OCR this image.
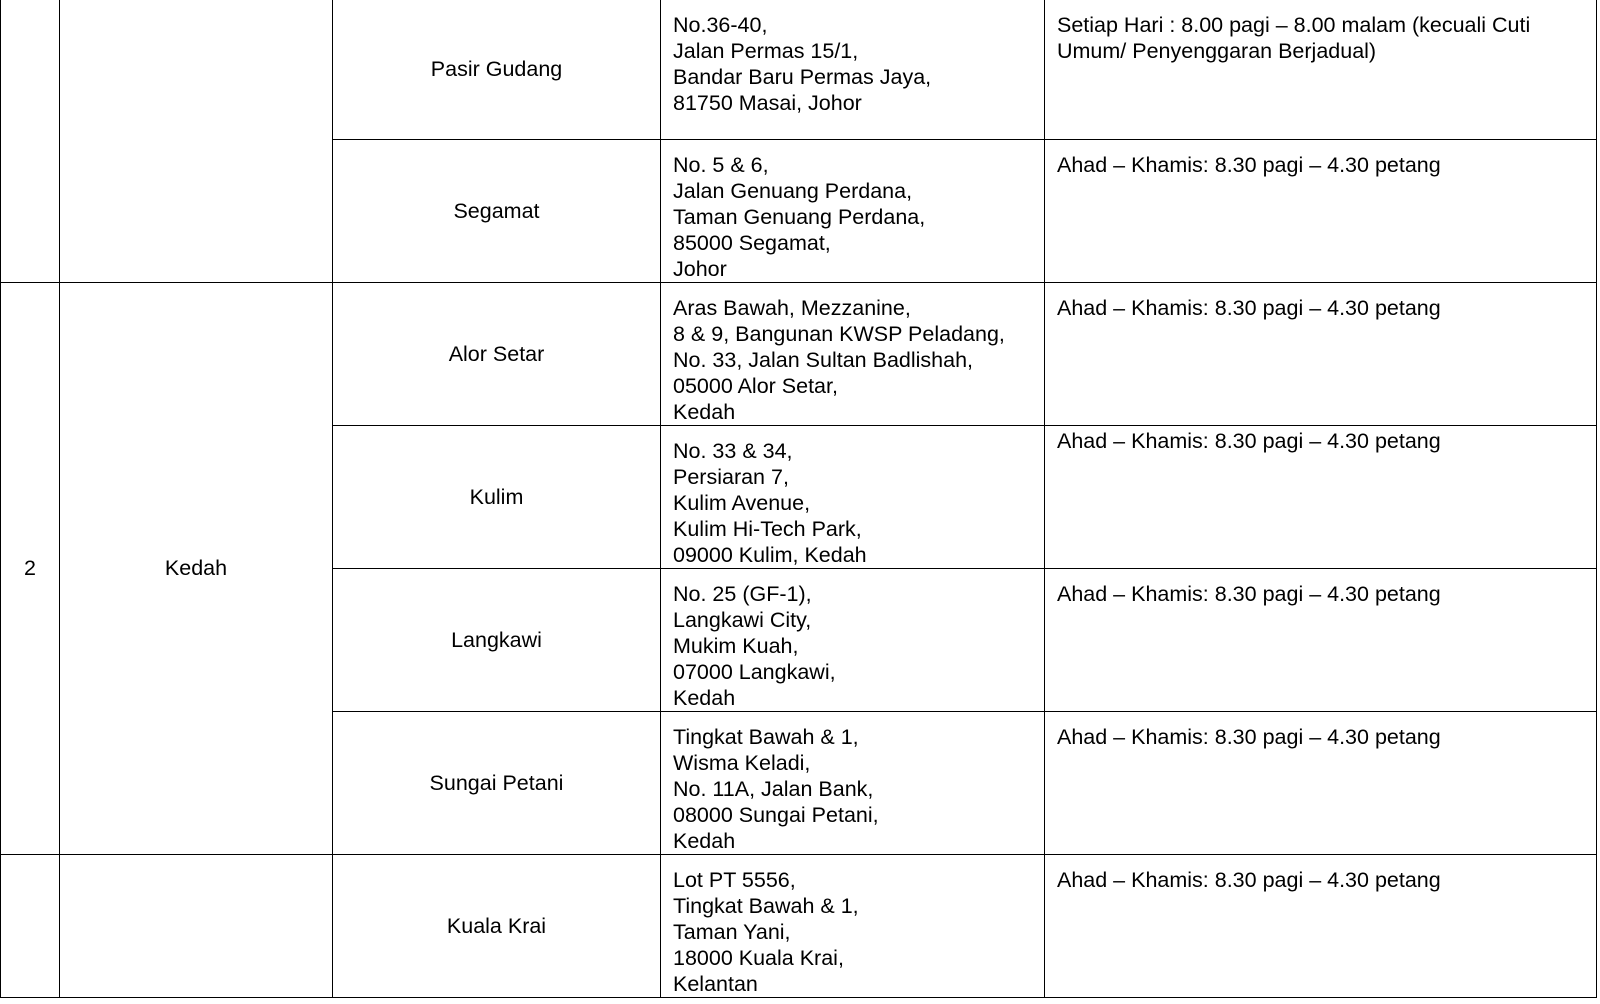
		Pasir Gudang	No.36-40,
Jalan Permas 15/1,
Bandar Baru Permas Jaya,
81750 Masai, Johor	Setiap Hari : 8.00 pagi – 8.00 malam (kecuali Cuti Umum/ Penyenggaran Berjadual)

		Segamat	No. 5 & 6,
Jalan Genuang Perdana,
Taman Genuang Perdana,
85000 Segamat,
Johor	Ahad – Khamis: 8.30 pagi – 4.30 petang

2	Kedah	Alor Setar	Aras Bawah, Mezzanine,
8 & 9, Bangunan KWSP Peladang,
No. 33, Jalan Sultan Badlishah,
05000 Alor Setar,
Kedah	Ahad – Khamis: 8.30 pagi – 4.30 petang

		Kulim	No. 33 & 34,
Persiaran 7,
Kulim Avenue,
Kulim Hi-Tech Park,
09000 Kulim, Kedah	Ahad – Khamis: 8.30 pagi – 4.30 petang

		Langkawi	No. 25 (GF-1),
Langkawi City,
Mukim Kuah,
07000 Langkawi,
Kedah	Ahad – Khamis: 8.30 pagi – 4.30 petang

		Sungai Petani	Tingkat Bawah & 1,
Wisma Keladi,
No. 11A, Jalan Bank,
08000 Sungai Petani,
Kedah	Ahad – Khamis: 8.30 pagi – 4.30 petang

		Kuala Krai	Lot PT 5556,
Tingkat Bawah & 1,
Taman Yani,
18000 Kuala Krai,
Kelantan	Ahad – Khamis: 8.30 pagi – 4.30 petang
